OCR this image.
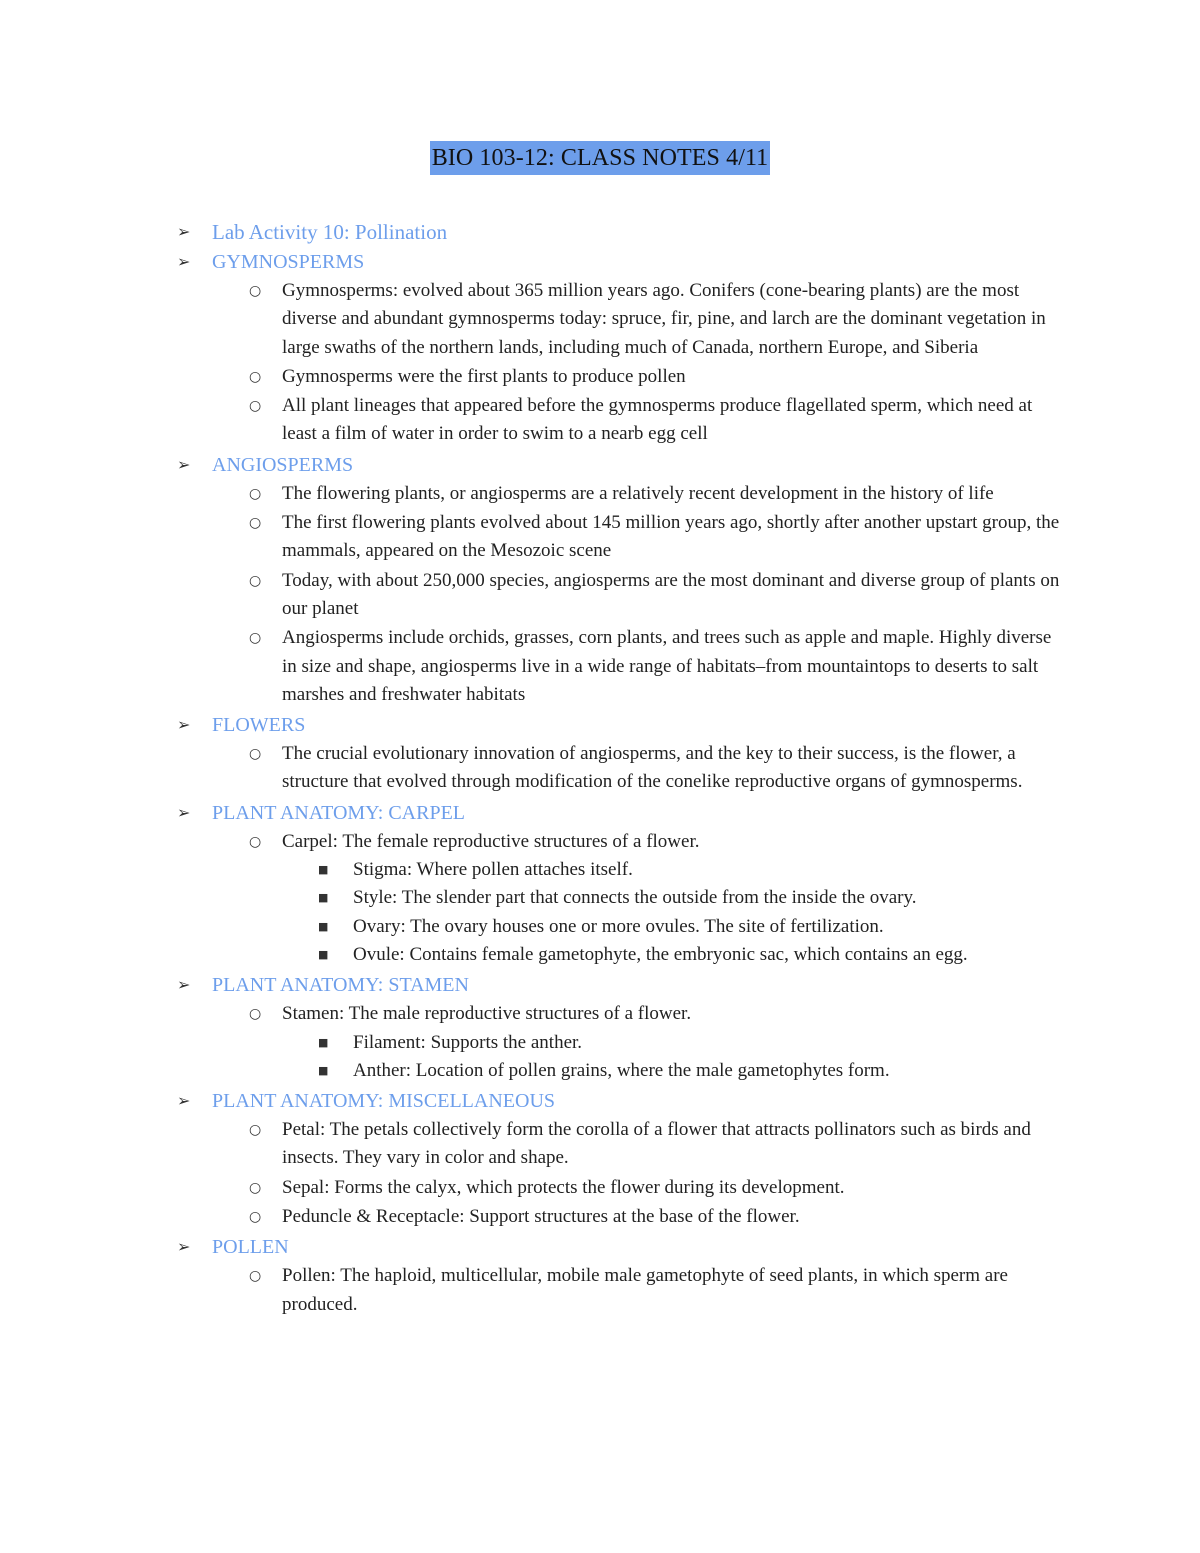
BIO 103-12: CLASS NOTES 4/11
➢ Lab Activity 10: Pollination
➢ GYMNOSPERMS
○ Gymnosperms: evolved about 365 million years ago. Conifers (cone-bearing plants) are the most diverse and abundant gymnosperms today: spruce, fir, pine, and larch are the dominant vegetation in large swaths of the northern lands, including much of Canada, northern Europe, and Siberia
○ Gymnosperms were the first plants to produce pollen
○ All plant lineages that appeared before the gymnosperms produce flagellated sperm, which need at least a film of water in order to swim to a nearb egg cell
➢ ANGIOSPERMS
○ The flowering plants, or angiosperms are a relatively recent development in the history of life
○ The first flowering plants evolved about 145 million years ago, shortly after another upstart group, the mammals, appeared on the Mesozoic scene
○ Today, with about 250,000 species, angiosperms are the most dominant and diverse group of plants on our planet
○ Angiosperms include orchids, grasses, corn plants, and trees such as apple and maple. Highly diverse in size and shape, angiosperms live in a wide range of habitats–from mountaintops to deserts to salt marshes and freshwater habitats
➢ FLOWERS
○ The crucial evolutionary innovation of angiosperms, and the key to their success, is the flower, a structure that evolved through modification of the conelike reproductive organs of gymnosperms.
➢ PLANT ANATOMY: CARPEL
○ Carpel: The female reproductive structures of a flower.
■ Stigma: Where pollen attaches itself.
■ Style: The slender part that connects the outside from the inside the ovary.
■ Ovary: The ovary houses one or more ovules. The site of fertilization.
■ Ovule: Contains female gametophyte, the embryonic sac, which contains an egg.
➢ PLANT ANATOMY: STAMEN
○ Stamen: The male reproductive structures of a flower.
■ Filament: Supports the anther.
■ Anther: Location of pollen grains, where the male gametophytes form.
➢ PLANT ANATOMY: MISCELLANEOUS
○ Petal: The petals collectively form the corolla of a flower that attracts pollinators such as birds and insects. They vary in color and shape.
○ Sepal: Forms the calyx, which protects the flower during its development.
○ Peduncle & Receptacle: Support structures at the base of the flower.
➢ POLLEN
○ Pollen: The haploid, multicellular, mobile male gametophyte of seed plants, in which sperm are produced.
